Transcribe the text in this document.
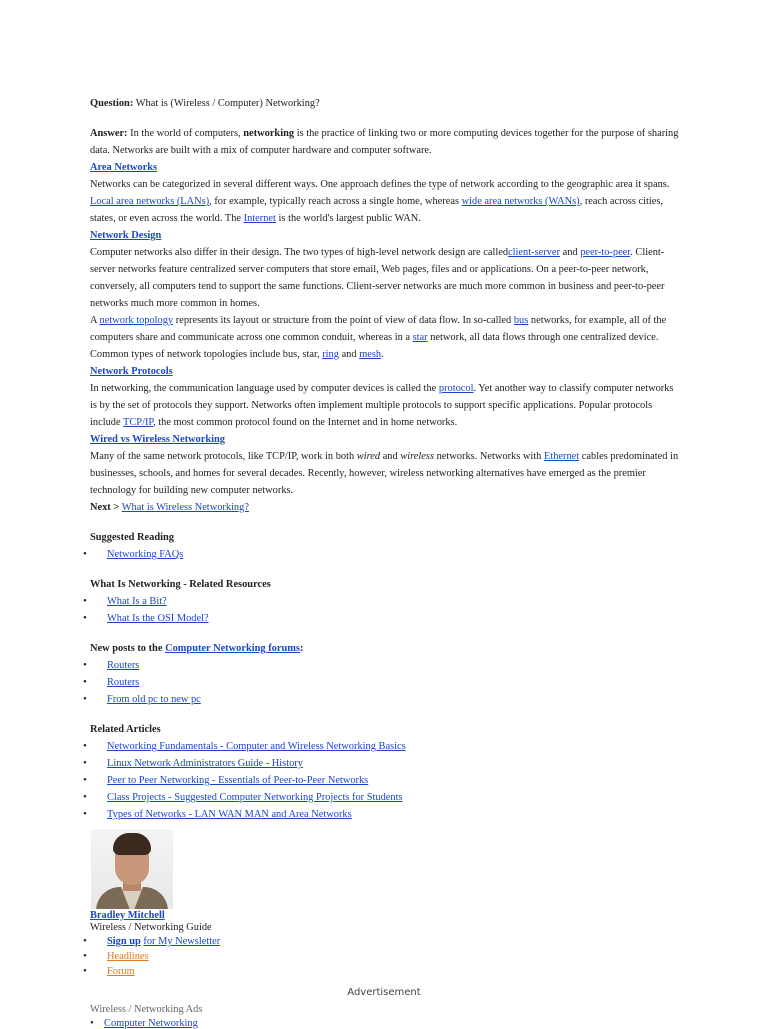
Question: What is (Wireless / Computer) Networking?

Answer: In the world of computers, networking is the practice of linking two or more computing devices together for the purpose of sharing data. Networks are built with a mix of computer hardware and computer software.

Area Networks

Networks can be categorized in several different ways. One approach defines the type of network according to the geographic area it spans. Local area networks (LANs), for example, typically reach across a single home, whereas wide area networks (WANs), reach across cities, states, or even across the world. The Internet is the world's largest public WAN.

Network Design

Computer networks also differ in their design. The two types of high-level network design are calledclient-server and peer-to-peer. Client-server networks feature centralized server computers that store email, Web pages, files and or applications. On a peer-to-peer network, conversely, all computers tend to support the same functions. Client-server networks are much more common in business and peer-to-peer networks much more common in homes.

A network topology represents its layout or structure from the point of view of data flow. In so-called bus networks, for example, all of the computers share and communicate across one common conduit, whereas in a star network, all data flows through one centralized device. Common types of network topologies include bus, star, ring and mesh.

Network Protocols

In networking, the communication language used by computer devices is called the protocol. Yet another way to classify computer networks is by the set of protocols they support. Networks often implement multiple protocols to support specific applications. Popular protocols include TCP/IP, the most common protocol found on the Internet and in home networks.

Wired vs Wireless Networking

Many of the same network protocols, like TCP/IP, work in both wired and wireless networks. Networks with Ethernet cables predominated in businesses, schools, and homes for several decades. Recently, however, wireless networking alternatives have emerged as the premier technology for building new computer networks.

Next > What is Wireless Networking?

Suggested Reading

• Networking FAQs

What Is Networking - Related Resources

• What Is a Bit?
• What Is the OSI Model?

New posts to the Computer Networking forums:

• Routers
• Routers
• From old pc to new pc

Related Articles

• Networking Fundamentals - Computer and Wireless Networking Basics
• Linux Network Administrators Guide - History
• Peer to Peer Networking - Essentials of Peer-to-Peer Networks
• Class Projects - Suggested Computer Networking Projects for Students
• Types of Networks - LAN WAN MAN and Area Networks
Bradley Mitchell
Wireless / Networking Guide
• Sign up for My Newsletter
• Headlines
• Forum
Advertisement
Wireless / Networking Ads
•    Computer Networking
